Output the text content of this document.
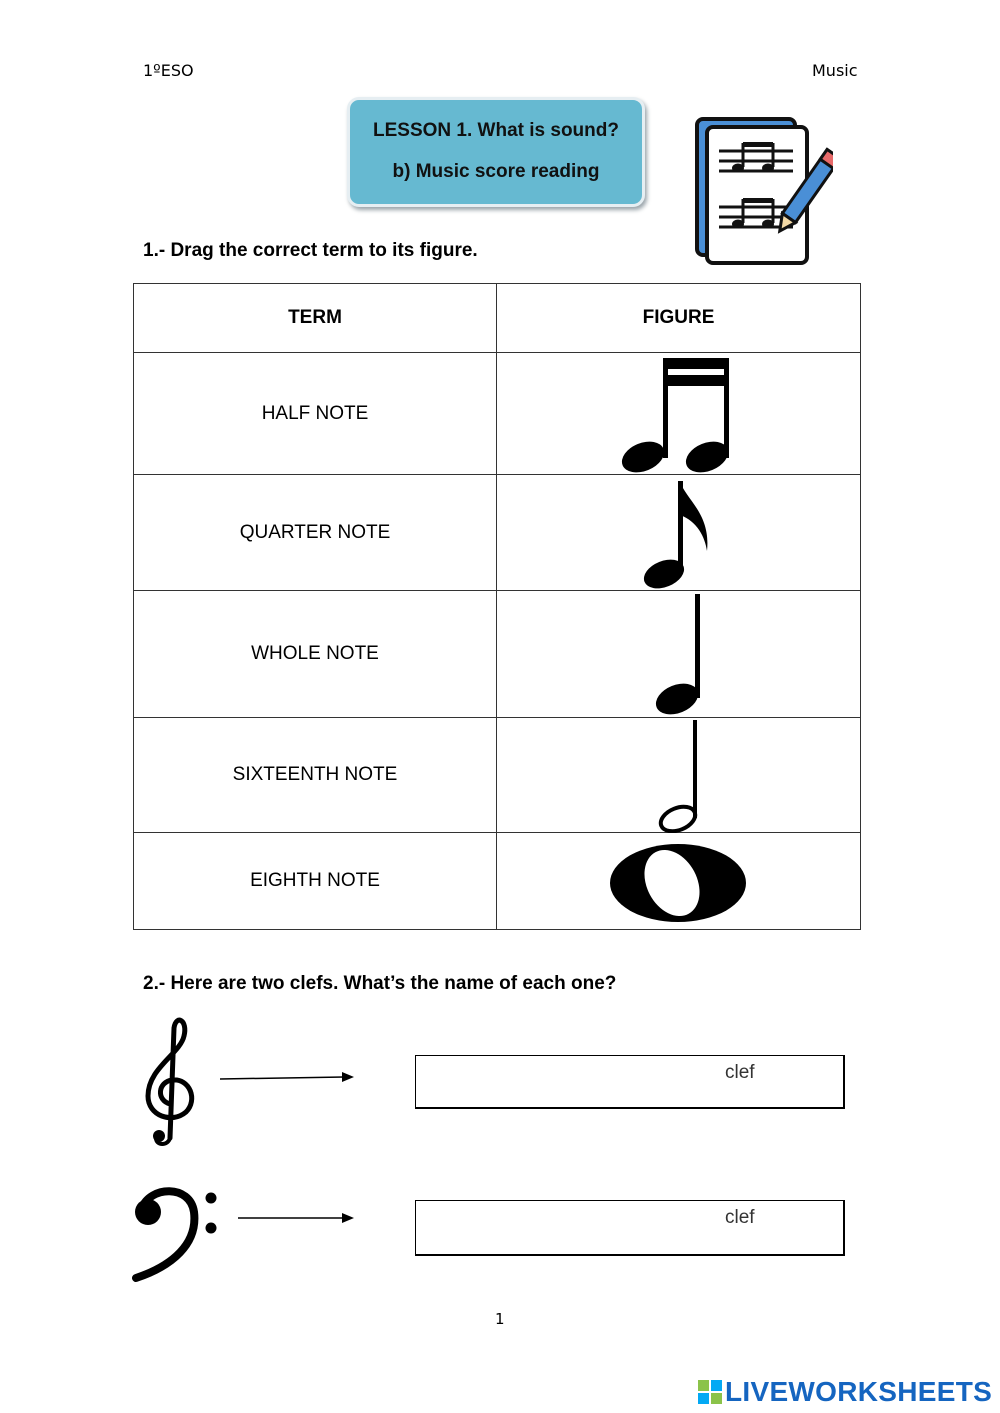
1ºESO	Music
LESSON 1. What is sound?
b) Music score reading
1.- Drag the correct term to its figure.
TERM	FIGURE
HALF NOTE	

QUARTER NOTE	

WHOLE NOTE	

SIXTEENTH NOTE	

EIGHTH NOTE	
2.- Here are two clefs. What’s the name of each one?
clef
clef
1
LIVEWORKSHEETS
